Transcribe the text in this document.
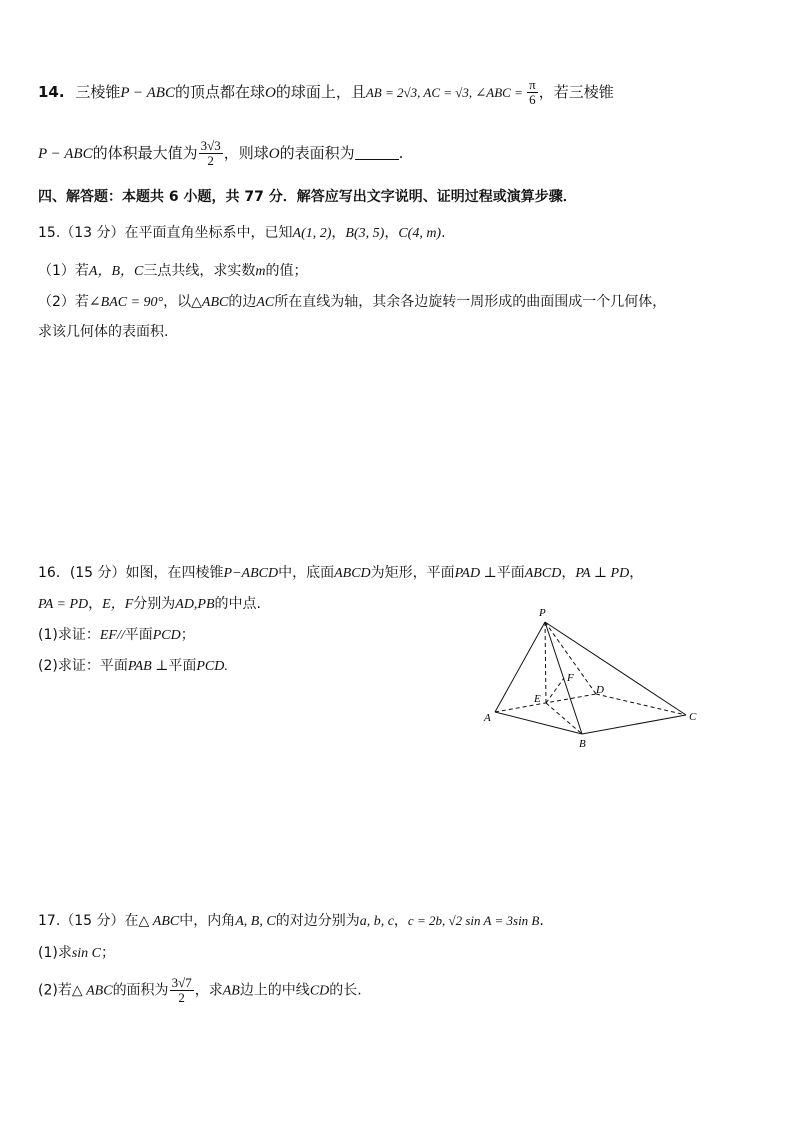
14. 三棱锥P − ABC的顶点都在球O的球面上，且AB = 2√3, AC = √3, ∠ABC = $\frac{\pi}{6}$ ，若三棱锥
P − ABC的体积最大值为 $\frac{3√3}{2}$ ，则球O的表面积为	.
四、解答题：本题共 6 小题，共 77 分．解答应写出文字说明、证明过程或演算步骤．
15.（13 分）在平面直角坐标系中，已知A(1, 2)，B(3, 5)，C(4, m).
（1）若A，B，C三点共线，求实数m的值；
（2）若∠BAC = 90°，以△ABC的边AC所在直线为轴，其余各边旋转一周形成的曲面围成一个几何体，
求该几何体的表面积.
16．(15 分）如图，在四棱锥P−ABCD中，底面ABCD为矩形，平面PAD ⊥平面ABCD，PA ⊥ PD，
PA = PD，E，F分别为AD,PB的中点.
(1)求证：EF//平面PCD；
(2)求证：平面PAB ⊥平面PCD.
P
A
B
C
D
E
F
17.（15 分）在△ ABC中，内角A, B, C的对边分别为a, b, c，c = 2b, √2 sin A = 3sin B.
(1)求sin C；
(2)若△ ABC的面积为 $\frac{3√7}{2}$ ，求AB边上的中线CD的长.
